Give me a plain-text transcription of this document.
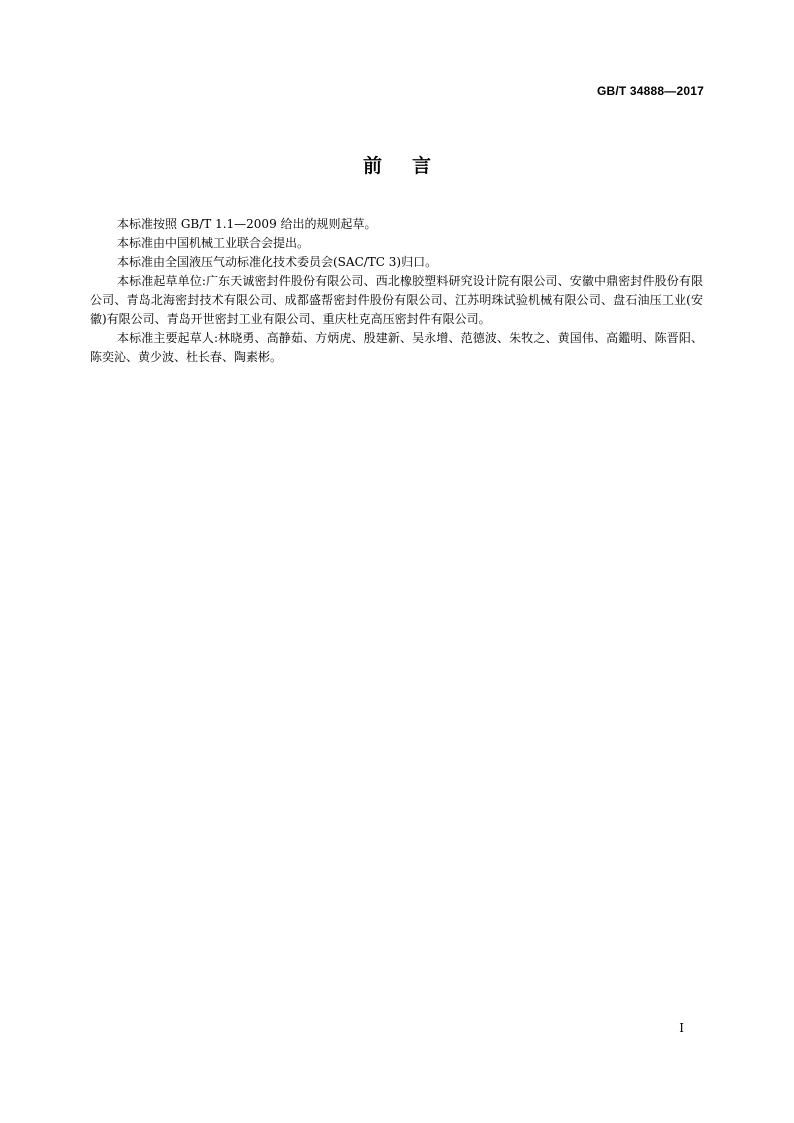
GB/T 34888—2017
前言

本标准按照 GB/T 1.1—2009 给出的规则起草。

本标准由中国机械工业联合会提出。

本标准由全国液压气动标准化技术委员会(SAC/TC 3)归口。

本标准起草单位:广东天诚密封件股份有限公司、西北橡胶塑料研究设计院有限公司、安徽中鼎密封件股份有限公司、青岛北海密封技术有限公司、成都盛帮密封件股份有限公司、江苏明珠试验机械有限公司、盘石油压工业(安徽)有限公司、青岛开世密封工业有限公司、重庆杜克高压密封件有限公司。

本标准主要起草人:林晓勇、高静茹、方炳虎、殷建新、吴永增、范德波、朱牧之、黄国伟、高鑑明、陈晋阳、陈奕沁、黄少波、杜长春、陶素彬。

I
